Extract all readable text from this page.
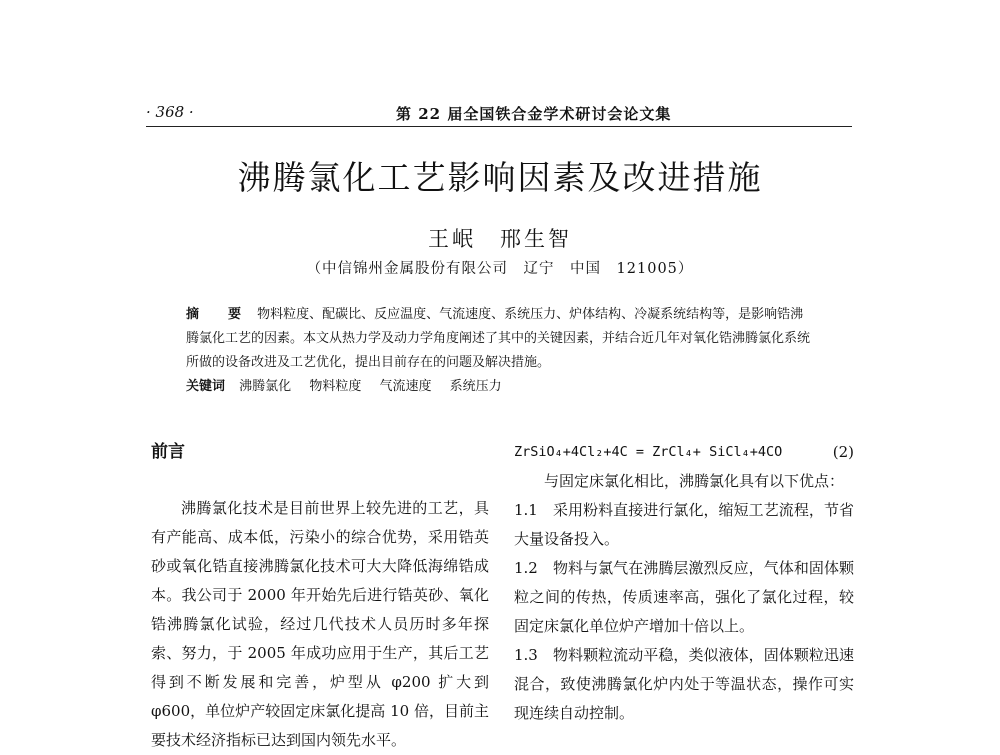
· 368 ·	第 22 届全国铁合金学术研讨会论文集
沸腾氯化工艺影响因素及改进措施
王岷　邢生智
（中信锦州金属股份有限公司　辽宁　中国　121005）

摘　要 物料粒度、配碳比、反应温度、气流速度、系统压力、炉体结构、冷凝系统结构等，是影响锆沸腾氯化工艺的因素。本文从热力学及动力学角度阐述了其中的关键因素，并结合近几年对氧化锆沸腾氯化系统所做的设备改进及工艺优化，提出目前存在的问题及解决措施。

关键词 沸腾氯化 物料粒度 气流速度 系统压力

前言

沸腾氯化技术是目前世界上较先进的工艺，具有产能高、成本低，污染小的综合优势，采用锆英砂或氧化锆直接沸腾氯化技术可大大降低海绵锆成本。我公司于 2000 年开始先后进行锆英砂、氧化锆沸腾氯化试验，经过几代技术人员历时多年探索、努力，于 2005 年成功应用于生产，其后工艺得到不断发展和完善，炉型从 φ200 扩大到 φ600，单位炉产较固定床氯化提高 10 倍，目前主要技术经济指标已达到国内领先水平。

ZrSiO₄+4Cl₂+4C = ZrCl₄+ SiCl₄+4CO	(2)

与固定床氯化相比，沸腾氯化具有以下优点：

1.1　采用粉料直接进行氯化，缩短工艺流程，节省大量设备投入。

1.2　物料与氯气在沸腾层激烈反应，气体和固体颗粒之间的传热，传质速率高，强化了氯化过程，较固定床氯化单位炉产增加十倍以上。

1.3　物料颗粒流动平稳，类似液体，固体颗粒迅速混合，致使沸腾氯化炉内处于等温状态，操作可实现连续自动控制。
